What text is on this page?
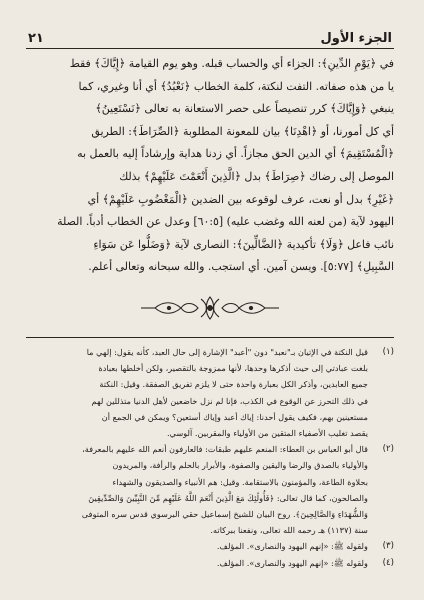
الجزء الأول
٢١
في ﴿يَوْمِ الدِّينِ﴾: الجزاء أي والحساب قبله. وهو يوم القيامة ﴿إِيَّاكَ﴾ فقط
يا من هذه صفاته. التفت لنكتة، كلمة الخطاب ﴿نَعْبُدُ﴾ أي أنا وغيري، كما
ينبغي ﴿وَإِيَّاكَ﴾ كرر تنصيصاً على حصر الاستعانة به تعالى ﴿نَسْتَعِينُ﴾
أي كل أمورنا، أو ﴿اهْدِنَا﴾ بيان للمعونة المطلوبة ﴿الصِّرَاطَ﴾: الطريق
﴿الْمُسْتَقِيمَ﴾ أي الدين الحق مجازاً. أي زدنا هداية وإرشاداً إليه بالعمل به
الموصل إلى رضاك ﴿صِرَاطَ﴾ بدل ﴿الَّذِينَ أَنْعَمْتَ عَلَيْهِمْ﴾ بذلك
﴿غَيْرِ﴾ بدل أو نعت، عرف لوقوعه بين الضدين ﴿الْمَغْضُوبِ عَلَيْهِمْ﴾ أي
اليهود لآية (من لعنه الله وغضب عليه) [٦٠:٥] وعدل عن الخطاب أدباً. الصلة
نائب فاعل ﴿وَلَا﴾ تأكيدية ﴿الضَّالِّينَ﴾: النصارى لآية ﴿وَضَلُّوا عَن سَوَاءِ
السَّبِيلِ﴾ [٥:٧٧]. ويسن آمين. أي استجب. والله سبحانه وتعالى أعلم.
(١)
قيل النكتة في الإتيان بـ"نعبد" دون "أعبد" الإشارة إلى حال العبد، كأنه يقول: إلهي ما
بلغت عبادتي إلى حيث أذكرها وحدها، لأنها ممزوجة بالتقصير، ولكن أخلطها بعبادة
جميع العابدين، وأذكر الكل بعبارة واحدة حتى لا يلزم تفريق الصفقة. وقيل: النكتة
في ذلك التحرز عن الوقوع في الكذب، فإنا لم نزل خاضعين لأهل الدنيا متذللين لهم
مستعينين بهم، فكيف يقول أحدنا: إياك أعبد وإياك أستعين؟ ويمكن في الجمع أن
يقصد تغليب الأصفياء المتقين من الأولياء والمقربين. آلوسي.
(٢)
قال أبو العباس بن العطاء: المنعم عليهم طبقات: فالعارفون أنعم الله عليهم بالمعرفة،
والأولياء بالصدق والرضا واليقين والصفوة، والأبرار بالحلم والرأفة، والمريدون
بحلاوة الطاعة، والمؤمنون بالاستقامة. وقيل: هم الأنبياء والصديقون والشهداء
والصالحون، كما قال تعالى: ﴿فَأُولَٰئِكَ مَعَ الَّذِينَ أَنْعَمَ اللَّهُ عَلَيْهِم مِّنَ النَّبِيِّينَ وَالصِّدِّيقِينَ
وَالشُّهَدَاءِ وَالصَّالِحِينَ﴾. روح البيان للشيخ إسماعيل حقي البرسوي قدس سره المتوفى
سنة (١١٣٧) هـ رحمه الله تعالى، ونفعنا ببركاته.
(٣)
ولقوله ﷺ: «إنهم اليهود والنصارى». المؤلف.
(٤)
ولقوله ﷺ: «إنهم اليهود والنصارى». المؤلف.
